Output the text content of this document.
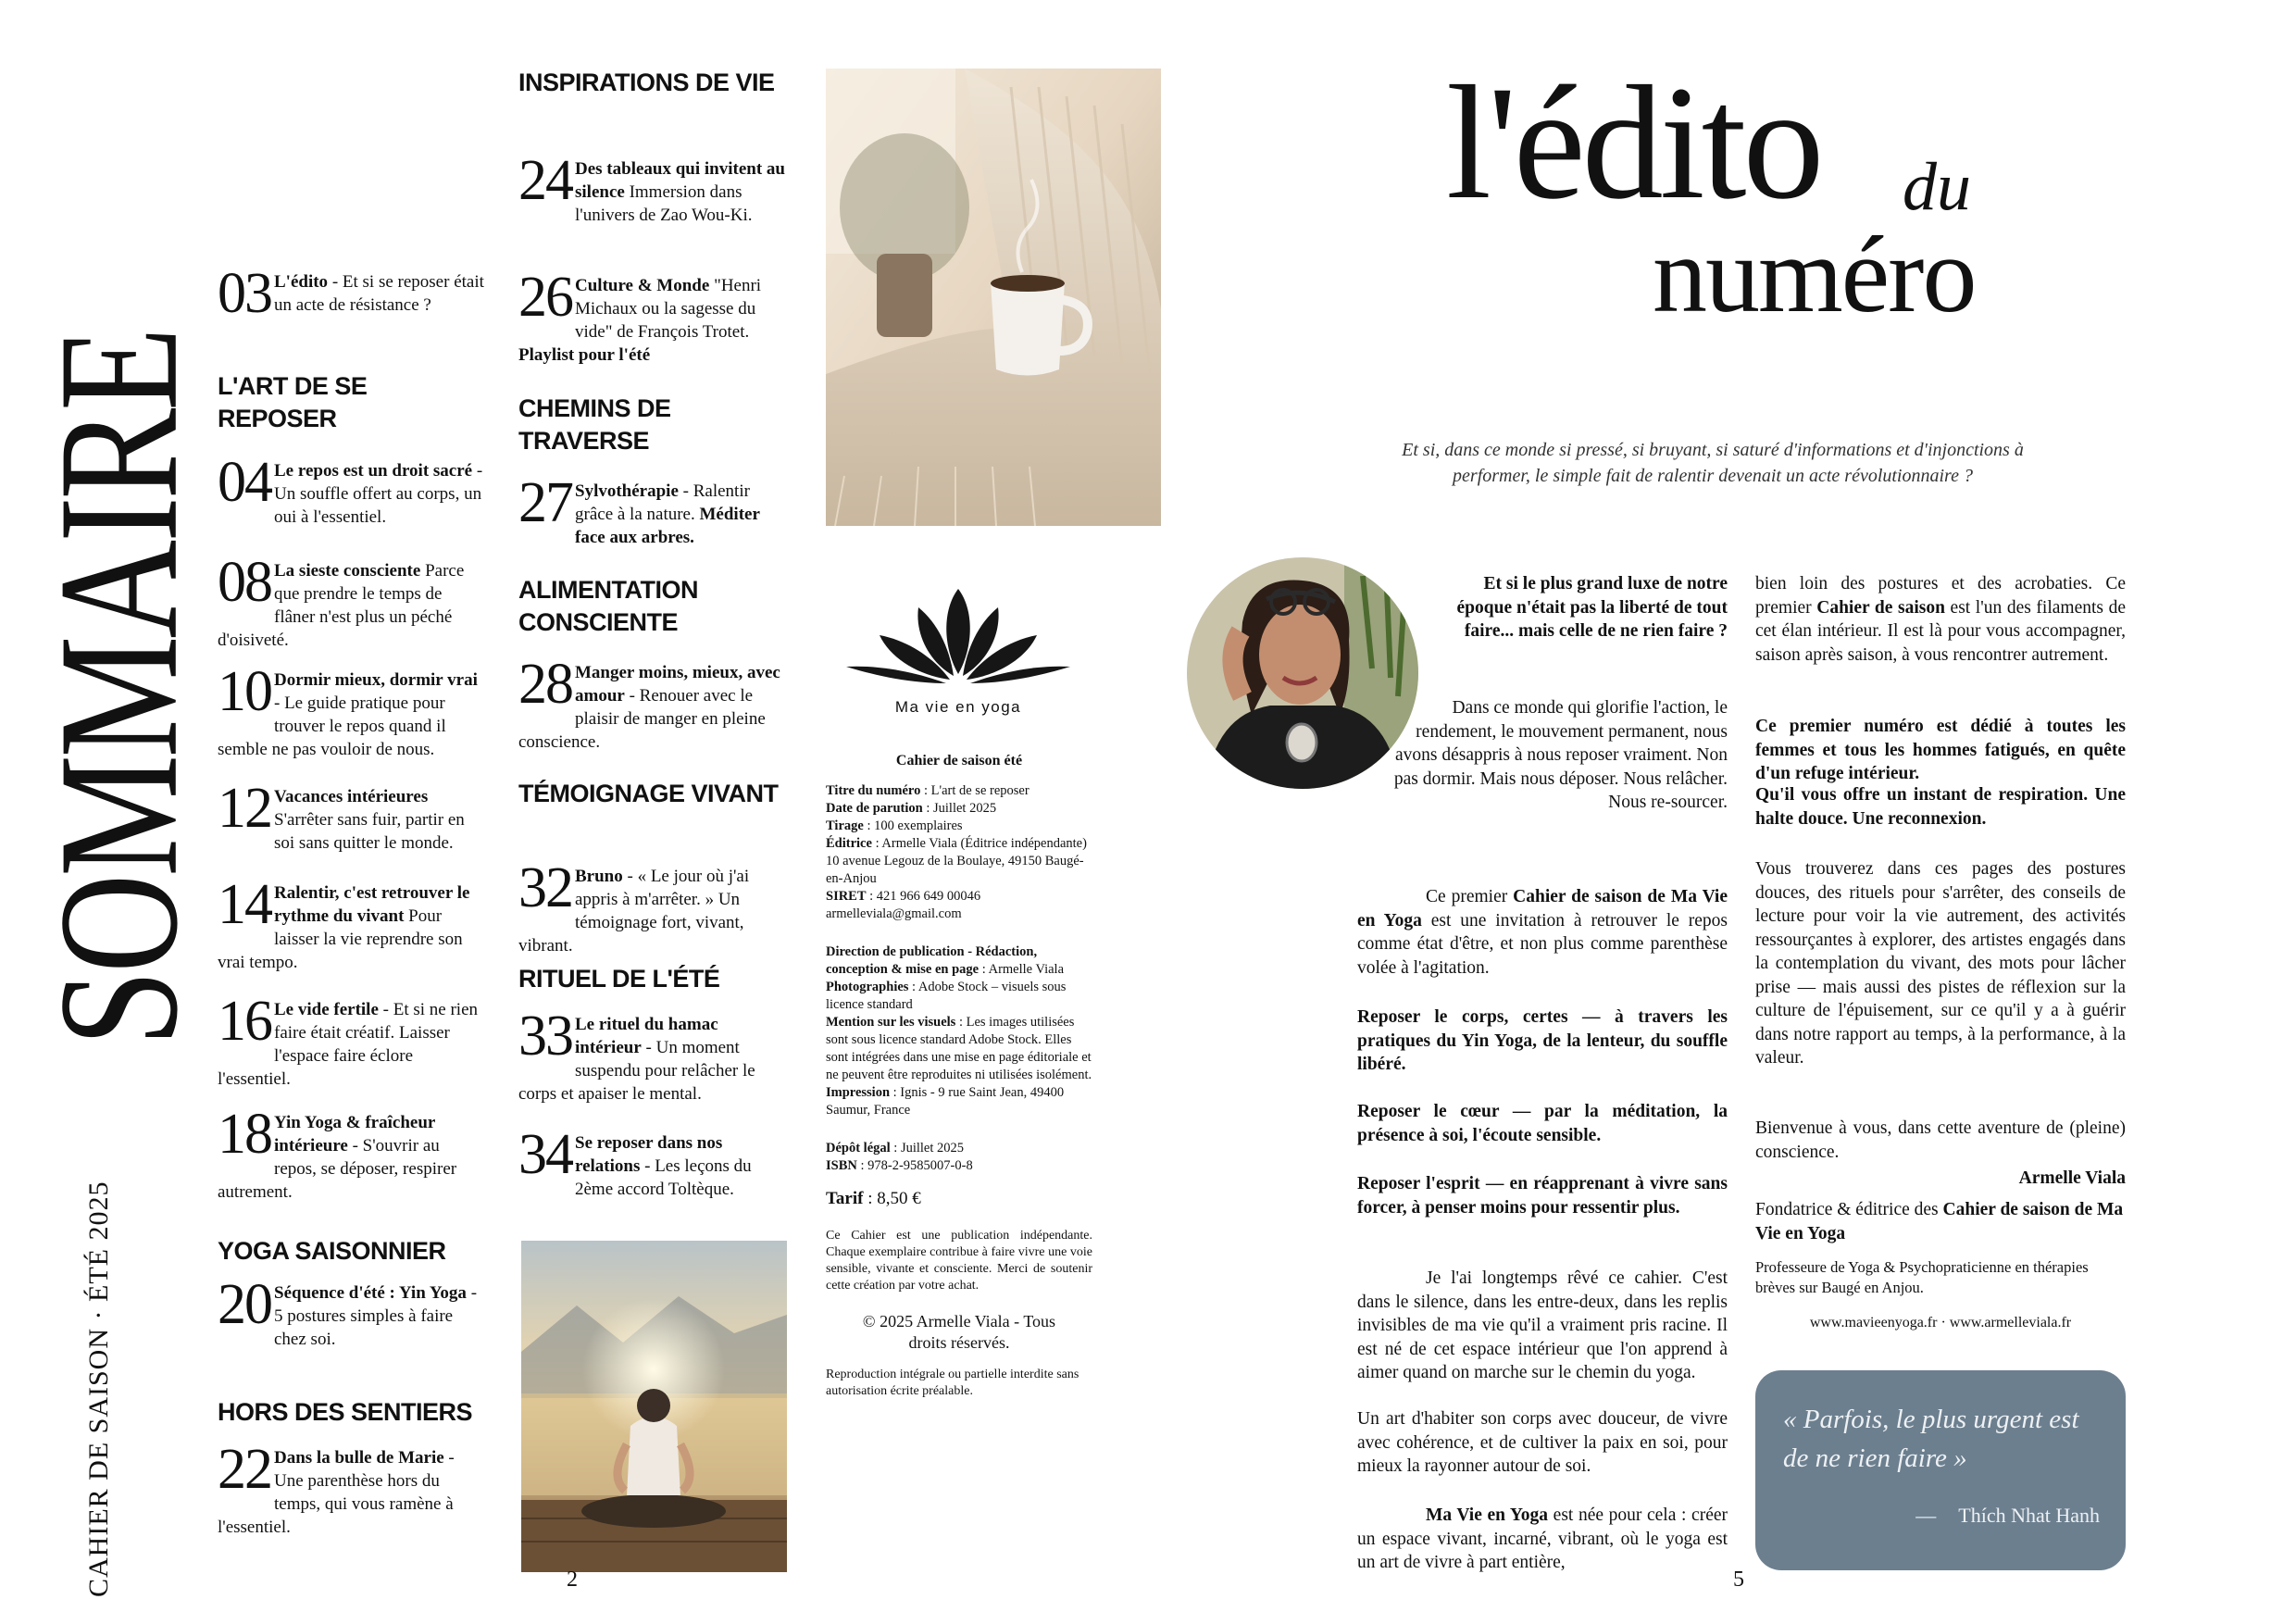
SOMMAIRE
CAHIER DE SAISON · ÉTÉ 2025
03 L'édito - Et si se reposer était un acte de résistance ?
L'ART DE SE REPOSER
04 Le repos est un droit sacré - Un souffle offert au corps, un oui à l'essentiel.
08 La sieste consciente Parce que prendre le temps de flâner n'est plus un péché d'oisiveté.
10 Dormir mieux, dormir vrai - Le guide pratique pour trouver le repos quand il semble ne pas vouloir de nous.
12 Vacances intérieures S'arrêter sans fuir, partir en soi sans quitter le monde.
14 Ralentir, c'est retrouver le rythme du vivant Pour laisser la vie reprendre son vrai tempo.
16 Le vide fertile - Et si ne rien faire était créatif. Laisser l'espace faire éclore l'essentiel.
18 Yin Yoga & fraîcheur intérieure - S'ouvrir au repos, se déposer, respirer autrement.
YOGA SAISONNIER
20 Séquence d'été : Yin Yoga - 5 postures simples à faire chez soi.
HORS DES SENTIERS
22 Dans la bulle de Marie - Une parenthèse hors du temps, qui vous ramène à l'essentiel.
INSPIRATIONS DE VIE
24 Des tableaux qui invitent au silence Immersion dans l'univers de Zao Wou-Ki.
26 Culture & Monde "Henri Michaux ou la sagesse du vide" de François Trotet. Playlist pour l'été
CHEMINS DE TRAVERSE
27 Sylvothérapie - Ralentir grâce à la nature. Méditer face aux arbres.
ALIMENTATION CONSCIENTE
28 Manger moins, mieux, avec amour - Renouer avec le plaisir de manger en pleine conscience.
TÉMOIGNAGE VIVANT
32 Bruno - « Le jour où j'ai appris à m'arrêter. » Un témoignage fort, vivant, vibrant.
RITUEL DE L'ÉTÉ
33 Le rituel du hamac intérieur - Un moment suspendu pour relâcher le corps et apaiser le mental.
34 Se reposer dans nos relations - Les leçons du 2ème accord Toltèque.
Ma vie en yoga
Cahier de saison été
Titre du numéro : L'art de se reposer
Date de parution : Juillet 2025
Tirage : 100 exemplaires
Éditrice : Armelle Viala (Éditrice indépendante)
10 avenue Legouz de la Boulaye, 49150 Baugé-en-Anjou
SIRET : 421 966 649 00046
armelleviala@gmail.com
Direction de publication - Rédaction, conception & mise en page : Armelle Viala
Photographies : Adobe Stock – visuels sous licence standard
Mention sur les visuels : Les images utilisées sont sous licence standard Adobe Stock. Elles sont intégrées dans une mise en page éditoriale et ne peuvent être reproduites ni utilisées isolément.
Impression : Ignis - 9 rue Saint Jean, 49400 Saumur, France
Dépôt légal : Juillet 2025
ISBN : 978-2-9585007-0-8
Tarif : 8,50 €
Ce Cahier est une publication indépendante. Chaque exemplaire contribue à faire vivre une voie sensible, vivante et consciente. Merci de soutenir cette création par votre achat.
© 2025 Armelle Viala - Tous droits réservés.
Reproduction intégrale ou partielle interdite sans autorisation écrite préalable.
2
l'édito du
numéro
Et si, dans ce monde si pressé, si bruyant, si saturé d'informations et d'injonctions à performer, le simple fait de ralentir devenait un acte révolutionnaire ?
Et si le plus grand luxe de notre époque n'était pas la liberté de tout faire... mais celle de ne rien faire ?
Dans ce monde qui glorifie l'action, le rendement, le mouvement permanent, nous avons désappris à nous reposer vraiment. Non pas dormir. Mais nous déposer. Nous relâcher. Nous re-sourcer.
Ce premier Cahier de saison de Ma Vie en Yoga est une invitation à retrouver le repos comme état d'être, et non plus comme parenthèse volée à l'agitation.
Reposer le corps, certes — à travers les pratiques du Yin Yoga, de la lenteur, du souffle libéré.
Reposer le cœur — par la méditation, la présence à soi, l'écoute sensible.
Reposer l'esprit — en réapprenant à vivre sans forcer, à penser moins pour ressentir plus.
Je l'ai longtemps rêvé ce cahier. C'est dans le silence, dans les entre-deux, dans les replis invisibles de ma vie qu'il a vraiment pris racine. Il est né de cet espace intérieur que l'on apprend à aimer quand on marche sur le chemin du yoga.
Un art d'habiter son corps avec douceur, de vivre avec cohérence, et de cultiver la paix en soi, pour mieux la rayonner autour de soi.
Ma Vie en Yoga est née pour cela : créer un espace vivant, incarné, vibrant, où le yoga est un art de vivre à part entière,
bien loin des postures et des acrobaties. Ce premier Cahier de saison est l'un des filaments de cet élan intérieur. Il est là pour vous accompagner, saison après saison, à vous rencontrer autrement.
Ce premier numéro est dédié à toutes les femmes et tous les hommes fatigués, en quête d'un refuge intérieur.
Qu'il vous offre un instant de respiration. Une halte douce. Une reconnexion.
Vous trouverez dans ces pages des postures douces, des rituels pour s'arrêter, des conseils de lecture pour voir la vie autrement, des activités ressourçantes à explorer, des artistes engagés dans la contemplation du vivant, des mots pour lâcher prise — mais aussi des pistes de réflexion sur la culture de l'épuisement, sur ce qu'il y a à guérir dans notre rapport au temps, à la performance, à la valeur.
Bienvenue à vous, dans cette aventure de (pleine) conscience.
Armelle Viala
Fondatrice & éditrice des Cahier de saison de Ma Vie en Yoga
Professeure de Yoga & Psychopraticienne en thérapies brèves sur Baugé en Anjou.
www.mavieenyoga.fr · www.armelleviala.fr
« Parfois, le plus urgent est de ne rien faire »
— Thích Nhat Hanh
5
